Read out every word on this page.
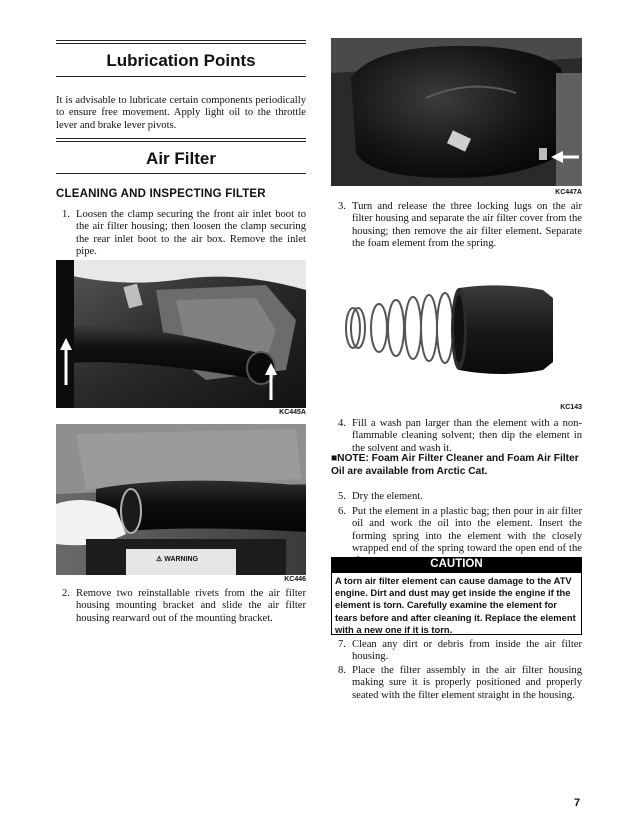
Lubrication Points
It is advisable to lubricate certain components periodically to ensure free movement. Apply light oil to the throttle lever and brake lever pivots.
Air Filter
CLEANING AND INSPECTING FILTER
1. Loosen the clamp securing the front air inlet boot to the air filter housing; then loosen the clamp securing the rear inlet boot to the air box. Remove the inlet pipe.
KC445A
⚠ WARNING
KC446
2. Remove two reinstallable rivets from the air filter housing mounting bracket and slide the air filter housing rearward out of the mounting bracket.
KC447A
3. Turn and release the three locking lugs on the air filter housing and separate the air filter cover from the housing; then remove the air filter element. Separate the foam element from the spring.
KC143
4. Fill a wash pan larger than the element with a non-flammable cleaning solvent; then dip the element in the solvent and wash it.
■NOTE: Foam Air Filter Cleaner and Foam Air Filter Oil are available from Arctic Cat.
5. Dry the element.
6. Put the element in a plastic bag; then pour in air filter oil and work the oil into the element. Insert the forming spring into the element with the closely wrapped end of the spring toward the open end of the
CAUTION
A torn air filter element can cause damage to the ATV engine. Dirt and dust may get inside the engine if the element is torn. Carefully examine the element for tears before and after cleaning it. Replace the element with a new one if it is torn.
7. Clean any dirt or debris from inside the air filter housing.
8. Place the filter assembly in the air filter housing making sure it is properly positioned and properly seated with the filter element straight in the housing.
7
